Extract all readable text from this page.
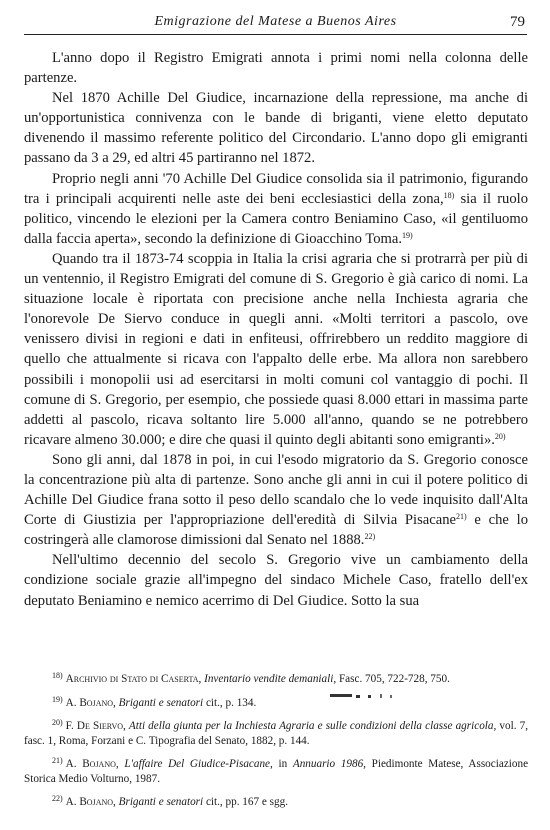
Emigrazione del Matese a Buenos Aires	79

L'anno dopo il Registro Emigrati annota i primi nomi nella colonna delle partenze.

Nel 1870 Achille Del Giudice, incarnazione della repressione, ma anche di un'opportunistica connivenza con le bande di briganti, viene eletto deputato divenendo il massimo referente politico del Circondario. L'anno dopo gli emigranti passano da 3 a 29, ed altri 45 partiranno nel 1872.

Proprio negli anni '70 Achille Del Giudice consolida sia il patrimonio, figurando tra i principali acquirenti nelle aste dei beni ecclesiastici della zona,$^{18)}$ sia il ruolo politico, vincendo le elezioni per la Camera contro Beniamino Caso, «il gentiluomo dalla faccia aperta», secondo la definizione di Gioacchino Toma.$^{19)}$

Quando tra il 1873-74 scoppia in Italia la crisi agraria che si protrarrà per più di un ventennio, il Registro Emigrati del comune di S. Gregorio è già carico di nomi. La situazione locale è riportata con precisione anche nella Inchiesta agraria che l'onorevole De Siervo conduce in quegli anni. «Molti territori a pascolo, ove venissero divisi in regioni e dati in enfiteusi, offrirebbero un reddito maggiore di quello che attualmente si ricava con l'appalto delle erbe. Ma allora non sarebbero possibili i monopolii usi ad esercitarsi in molti comuni col vantaggio di pochi. Il comune di S. Gregorio, per esempio, che possiede quasi 8.000 ettari in massima parte addetti al pascolo, ricava soltanto lire 5.000 all'anno, quando se ne potrebbero ricavare almeno 30.000; e dire che quasi il quinto degli abitanti sono emigranti».$^{20)}$

Sono gli anni, dal 1878 in poi, in cui l'esodo migratorio da S. Gregorio conosce la concentrazione più alta di partenze. Sono anche gli anni in cui il potere politico di Achille Del Giudice frana sotto il peso dello scandalo che lo vede inquisito dall'Alta Corte di Giustizia per l'appropriazione dell'eredità di Silvia Pisacane$^{21)}$ e che lo costringerà alle clamorose dimissioni dal Senato nel 1888.$^{22)}$

Nell'ultimo decennio del secolo S. Gregorio vive un cambiamento della condizione sociale grazie all'impegno del sindaco Michele Caso, fratello dell'ex deputato Beniamino e nemico acerrimo di Del Giudice. Sotto la sua

$^{18)}$ Archivio di Stato di Caserta, Inventario vendite demaniali, Fasc. 705, 722-728, 750.

$^{19)}$ A. Bojano, Briganti e senatori cit., p. 134.

$^{20)}$ F. De Siervo, Atti della giunta per la Inchiesta Agraria e sulle condizioni della classe agricola, vol. 7, fasc. 1, Roma, Forzani e C. Tipografia del Senato, 1882, p. 144.

$^{21)}$ A. Bojano, L'affaire Del Giudice-Pisacane, in Annuario 1986, Piedimonte Matese, Associazione Storica Medio Volturno, 1987.

$^{22)}$ A. Bojano, Briganti e senatori cit., pp. 167 e sgg.
